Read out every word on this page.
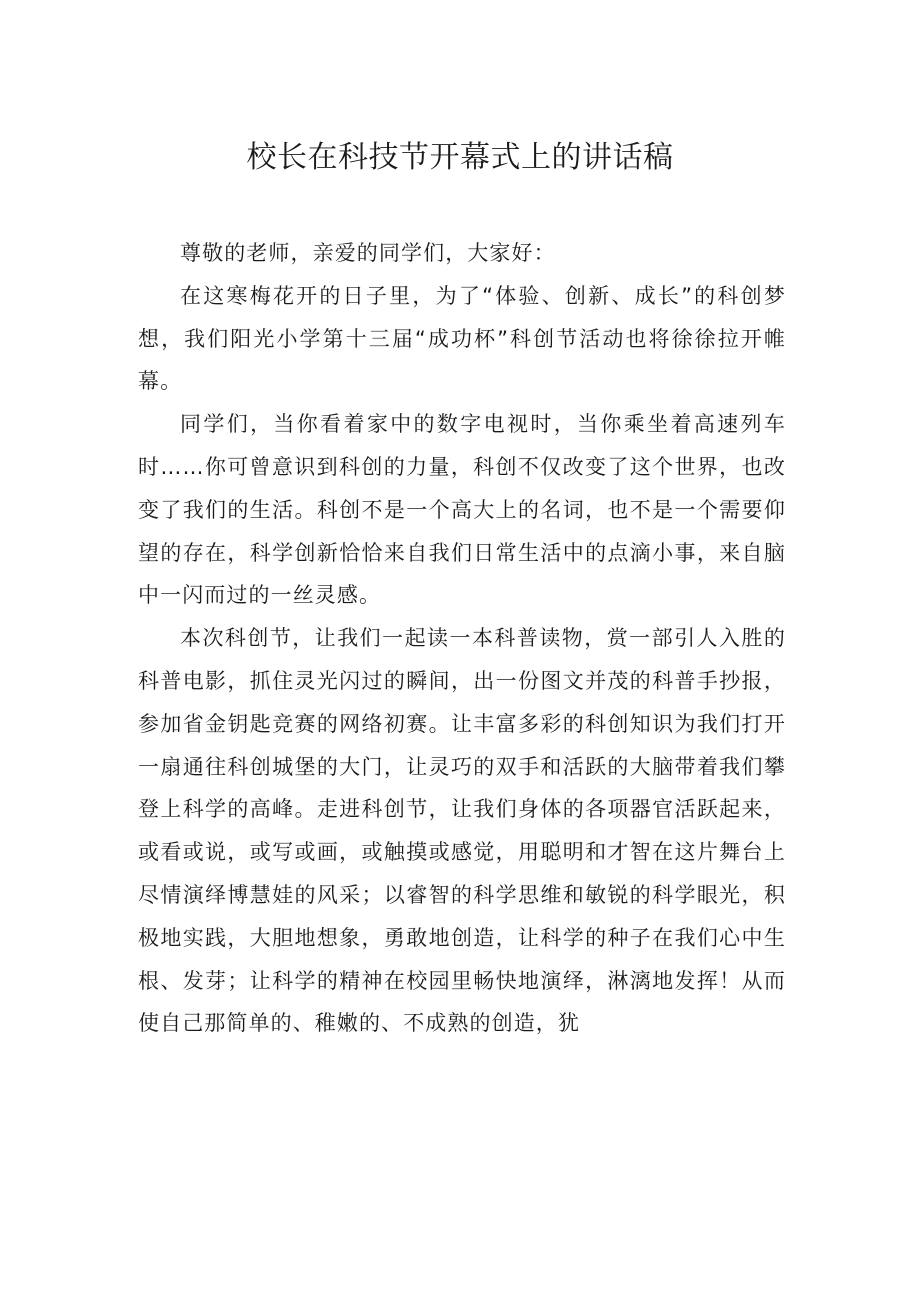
校长在科技节开幕式上的讲话稿

尊敬的老师，亲爱的同学们，大家好：

在这寒梅花开的日子里，为了“体验、创新、成长”的科创梦想，我们阳光小学第十三届“成功杯”科创节活动也将徐徐拉开帷幕。

同学们，当你看着家中的数字电视时，当你乘坐着高速列车时……你可曾意识到科创的力量，科创不仅改变了这个世界，也改变了我们的生活。科创不是一个高大上的名词，也不是一个需要仰望的存在，科学创新恰恰来自我们日常生活中的点滴小事，来自脑中一闪而过的一丝灵感。

本次科创节，让我们一起读一本科普读物，赏一部引人入胜的科普电影，抓住灵光闪过的瞬间，出一份图文并茂的科普手抄报，参加省金钥匙竞赛的网络初赛。让丰富多彩的科创知识为我们打开一扇通往科创城堡的大门，让灵巧的双手和活跃的大脑带着我们攀登上科学的高峰。走进科创节，让我们身体的各项器官活跃起来，或看或说，或写或画，或触摸或感觉，用聪明和才智在这片舞台上尽情演绎博慧娃的风采；以睿智的科学思维和敏锐的科学眼光，积极地实践，大胆地想象，勇敢地创造，让科学的种子在我们心中生根、发芽；让科学的精神在校园里畅快地演绎，淋漓地发挥！从而使自己那简单的、稚嫩的、不成熟的创造，犹
